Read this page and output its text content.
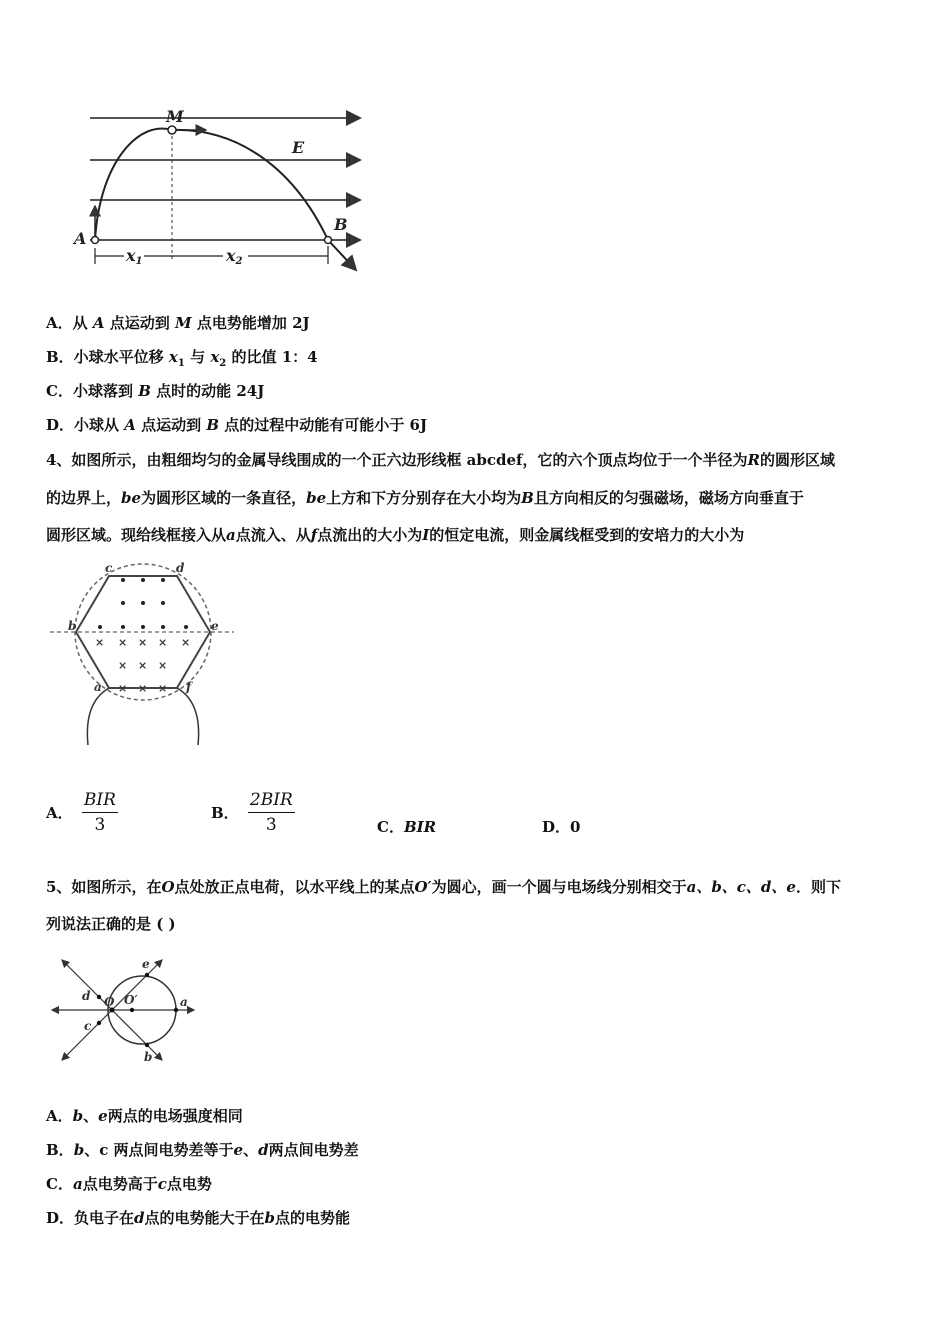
M
E
A
B
x1	x2
A．从 A 点运动到 M 点电势能增加 2J
B．小球水平位移 $x_1$ 与 $x_2$ 的比值 1：4
C．小球落到 B 点时的动能 24J
D．小球从 A 点运动到 B 点的过程中动能有可能小于 6J
4、如图所示，由粗细均匀的金属导线围成的一个正六边形线框 abcdef，它的六个顶点均位于一个半径为R的圆形区域
的边界上，be为圆形区域的一条直径，be上方和下方分别存在大小均为B且方向相反的匀强磁场，磁场方向垂直于
圆形区域。现给线框接入从a点流入、从f点流出的大小为I的恒定电流，则金属线框受到的安培力的大小为
× × × × ×
× × ×
× × ×
a
b
c	d
e
f
A． $\frac{\text{BIR}}{3}$	B． $\frac{\text{2BIR}}{3}$	C．BIR	D．0
5、如图所示，在O点处放正点电荷，以水平线上的某点O′为圆心，画一个圆与电场线分别相交于a、b、c、d、e．则下
列说法正确的是 ( )
a
b
c
d
e
O O′
A．b、e两点的电场强度相同
B．b、c 两点间电势差等于e、d两点间电势差
C．a点电势高于c点电势
D．负电子在d点的电势能大于在b点的电势能
